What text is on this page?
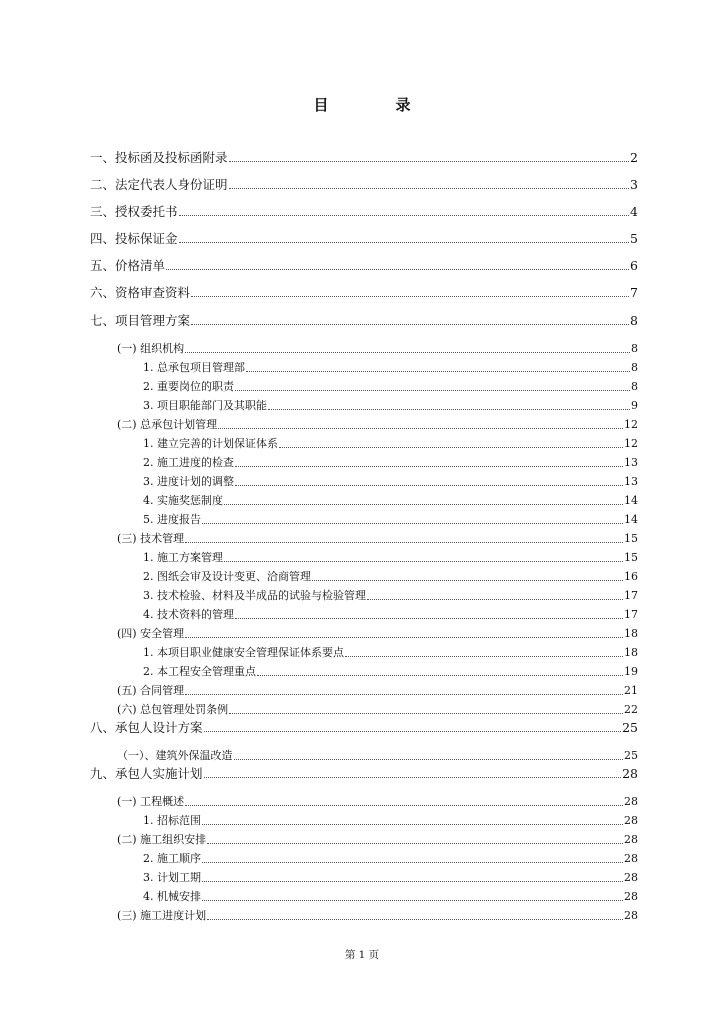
目　录
一、投标函及投标函附录	2
二、法定代表人身份证明	3
三、授权委托书	4
四、投标保证金	5
五、价格清单	6
六、资格审查资料	7
七、项目管理方案	8
(一) 组织机构	8
1. 总承包项目管理部	8
2. 重要岗位的职责	8
3. 项目职能部门及其职能	9
(二) 总承包计划管理	12
1. 建立完善的计划保证体系	12
2. 施工进度的检查	13
3. 进度计划的调整	13
4. 实施奖惩制度	14
5. 进度报告	14
(三) 技术管理	15
1. 施工方案管理	15
2. 图纸会审及设计变更、洽商管理	16
3. 技术检验、材料及半成品的试验与检验管理	17
4. 技术资料的管理	17
(四) 安全管理	18
1. 本项目职业健康安全管理保证体系要点	18
2. 本工程安全管理重点	19
(五) 合同管理	21
(六) 总包管理处罚条例	22
八、承包人设计方案	25
（一）、建筑外保温改造	25
九、承包人实施计划	28
(一) 工程概述	28
1. 招标范围	28
(二) 施工组织安排	28
2. 施工顺序	28
3. 计划工期	28
4. 机械安排	28
(三) 施工进度计划	28
第 1 页
